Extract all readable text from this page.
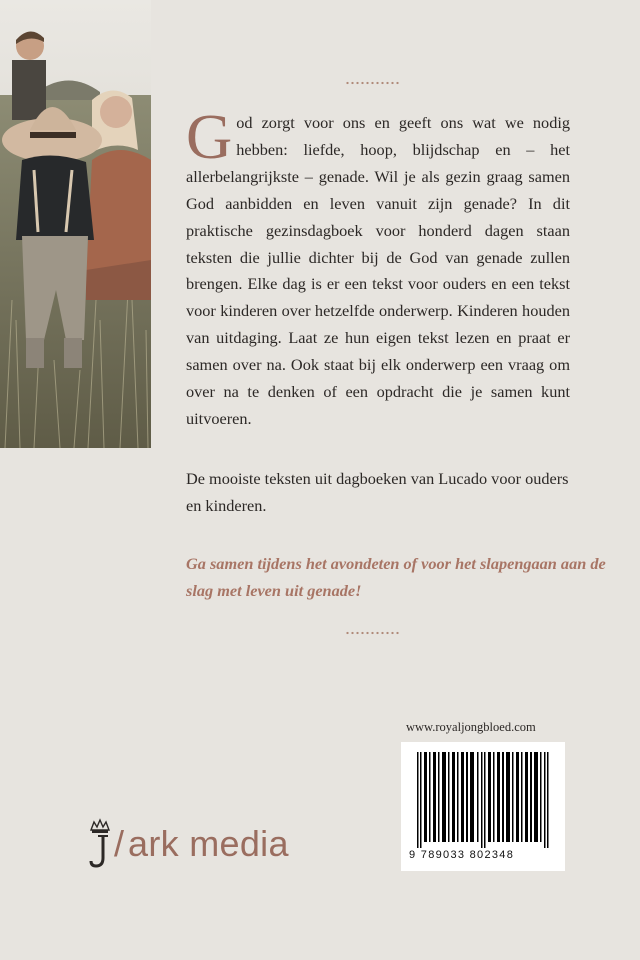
God zorgt voor ons en geeft ons wat we nodig hebben: liefde, hoop, blijdschap en – het allerbelangrijkste – genade. Wil je als gezin graag samen God aanbidden en leven vanuit zijn genade? In dit praktische gezinsdagboek voor honderd dagen staan teksten die jullie dichter bij de God van genade zullen brengen. Elke dag is er een tekst voor ouders en een tekst voor kinderen over hetzelfde onderwerp. Kinderen houden van uitdaging. Laat ze hun eigen tekst lezen en praat er samen over na. Ook staat bij elk onderwerp een vraag om over na te denken of een opdracht die je samen kunt uitvoeren.

De mooiste teksten uit dagboeken van Lucado voor ouders en kinderen.

Ga samen tijdens het avondeten of voor het slapengaan aan de slag met leven uit genade!

www.royaljongbloed.com
9 789033 802348
/ ark media
